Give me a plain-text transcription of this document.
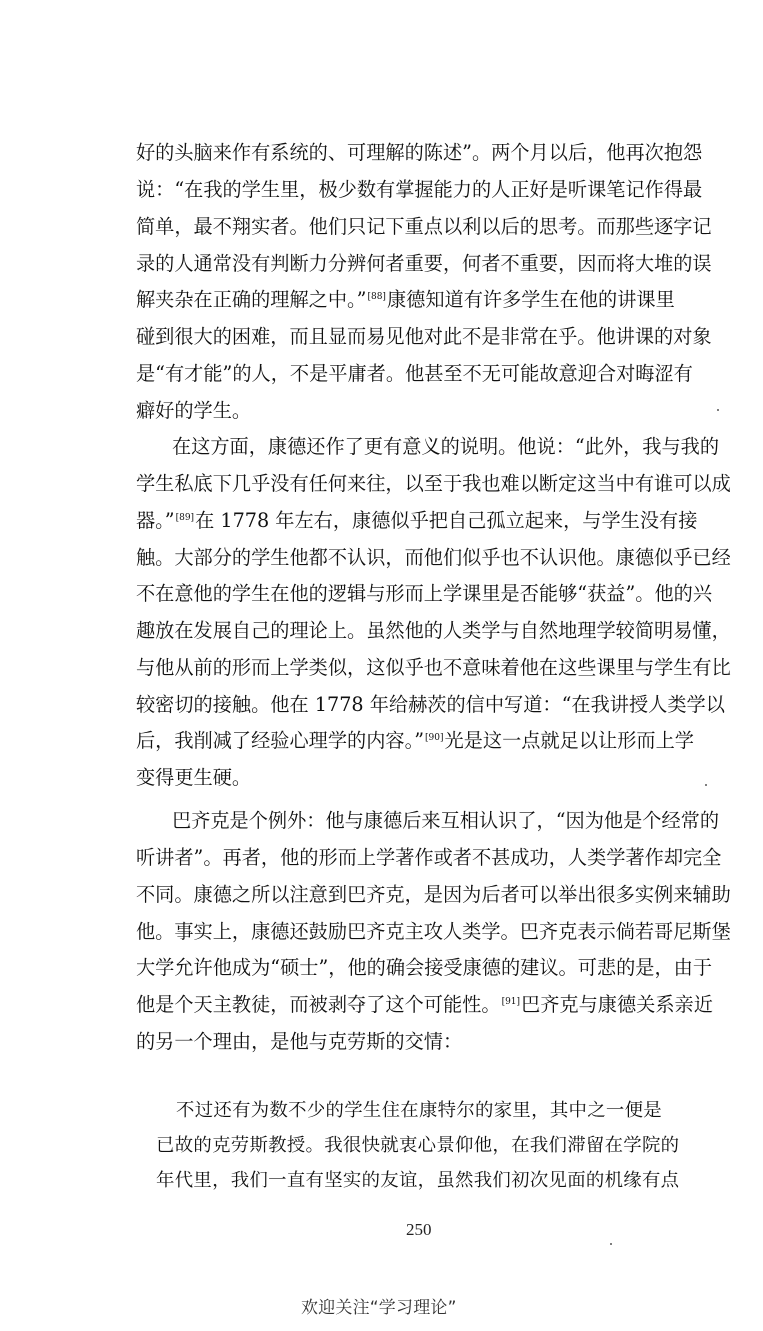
好的头脑来作有系统的、可理解的陈述”。两个月以后，他再次抱怨
说：“在我的学生里，极少数有掌握能力的人正好是听课笔记作得最
简单，最不翔实者。他们只记下重点以利以后的思考。而那些逐字记
录的人通常没有判断力分辨何者重要，何者不重要，因而将大堆的误
解夹杂在正确的理解之中。”[88]康德知道有许多学生在他的讲课里
碰到很大的困难，而且显而易见他对此不是非常在乎。他讲课的对象
是“有才能”的人，不是平庸者。他甚至不无可能故意迎合对晦涩有
癖好的学生。
在这方面，康德还作了更有意义的说明。他说：“此外，我与我的
学生私底下几乎没有任何来往，以至于我也难以断定这当中有谁可以成
器。”[89]在 1778 年左右，康德似乎把自己孤立起来，与学生没有接
触。大部分的学生他都不认识，而他们似乎也不认识他。康德似乎已经
不在意他的学生在他的逻辑与形而上学课里是否能够“获益”。他的兴
趣放在发展自己的理论上。虽然他的人类学与自然地理学较简明易懂，
与他从前的形而上学类似，这似乎也不意味着他在这些课里与学生有比
较密切的接触。他在 1778 年给赫茨的信中写道：“在我讲授人类学以
后，我削减了经验心理学的内容。”[90]光是这一点就足以让形而上学
变得更生硬。
巴齐克是个例外：他与康德后来互相认识了，“因为他是个经常的
听讲者”。再者，他的形而上学著作或者不甚成功，人类学著作却完全
不同。康德之所以注意到巴齐克，是因为后者可以举出很多实例来辅助
他。事实上，康德还鼓励巴齐克主攻人类学。巴齐克表示倘若哥尼斯堡
大学允许他成为“硕士”，他的确会接受康德的建议。可悲的是，由于
他是个天主教徒，而被剥夺了这个可能性。[91]巴齐克与康德关系亲近
的另一个理由，是他与克劳斯的交情：
不过还有为数不少的学生住在康特尔的家里，其中之一便是
已故的克劳斯教授。我很快就衷心景仰他，在我们滞留在学院的
年代里，我们一直有坚实的友谊，虽然我们初次见面的机缘有点
250
欢迎关注“学习理论”
